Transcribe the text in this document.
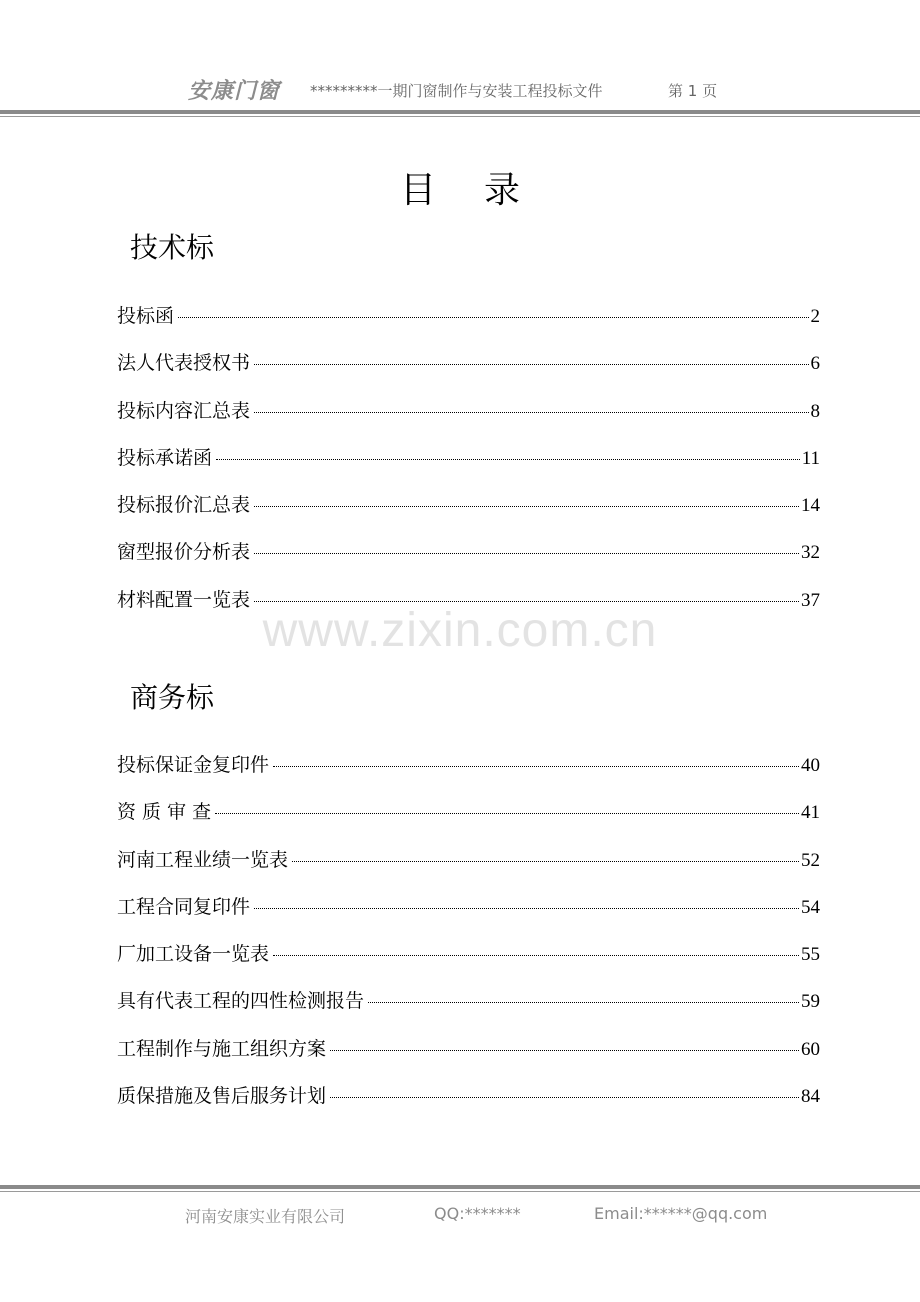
安康门窗 *********一期门窗制作与安装工程投标文件	第 1 页
目录
技术标
投标函	2
法人代表授权书	6
投标内容汇总表	8
投标承诺函	11
投标报价汇总表	14
窗型报价分析表	32
材料配置一览表	37
www.zixin.com.cn
商务标
投标保证金复印件	40
资 质 审 查	41
河南工程业绩一览表	52
工程合同复印件	54
厂加工设备一览表	55
具有代表工程的四性检测报告	59
工程制作与施工组织方案	60
质保措施及售后服务计划	84
河南安康实业有限公司	QQ:*******	Email:******@qq.com
